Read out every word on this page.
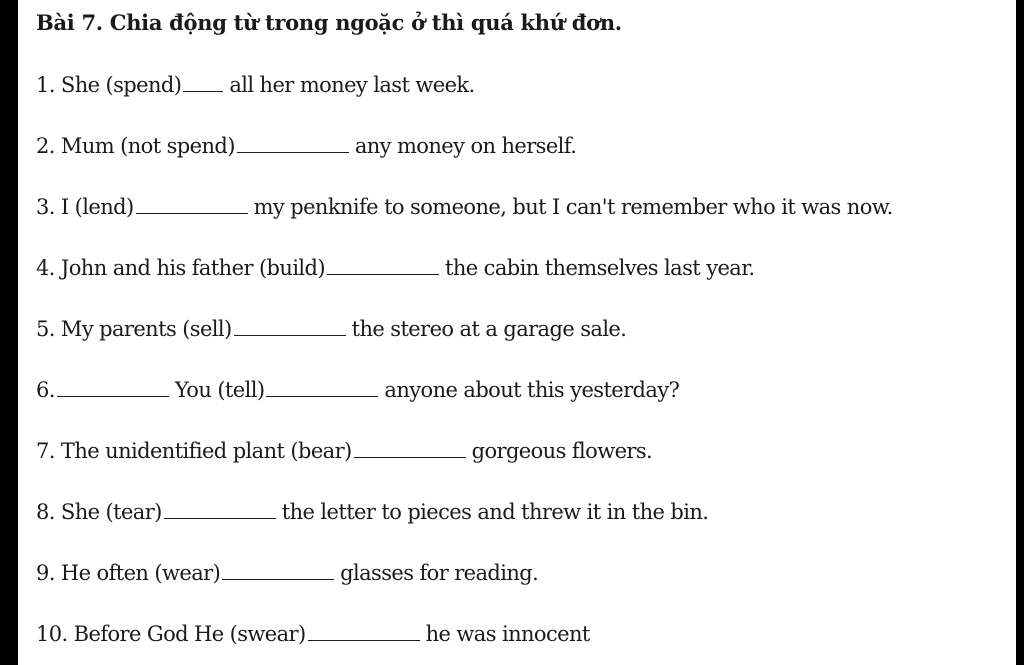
Bài 7. Chia động từ trong ngoặc ở thì quá khứ đơn.
1. She (spend) all her money last week.
2. Mum (not spend)	any money on herself.
3. I (lend)	my penknife to someone, but I can't remember who it was now.
4. John and his father (build)	the cabin themselves last year.
5. My parents (sell)	the stereo at a garage sale.
6.	You (tell)	anyone about this yesterday?
7. The unidentified plant (bear)	gorgeous flowers.
8. She (tear)	the letter to pieces and threw it in the bin.
9. He often (wear)	glasses for reading.
10. Before God He (swear)	he was innocent
